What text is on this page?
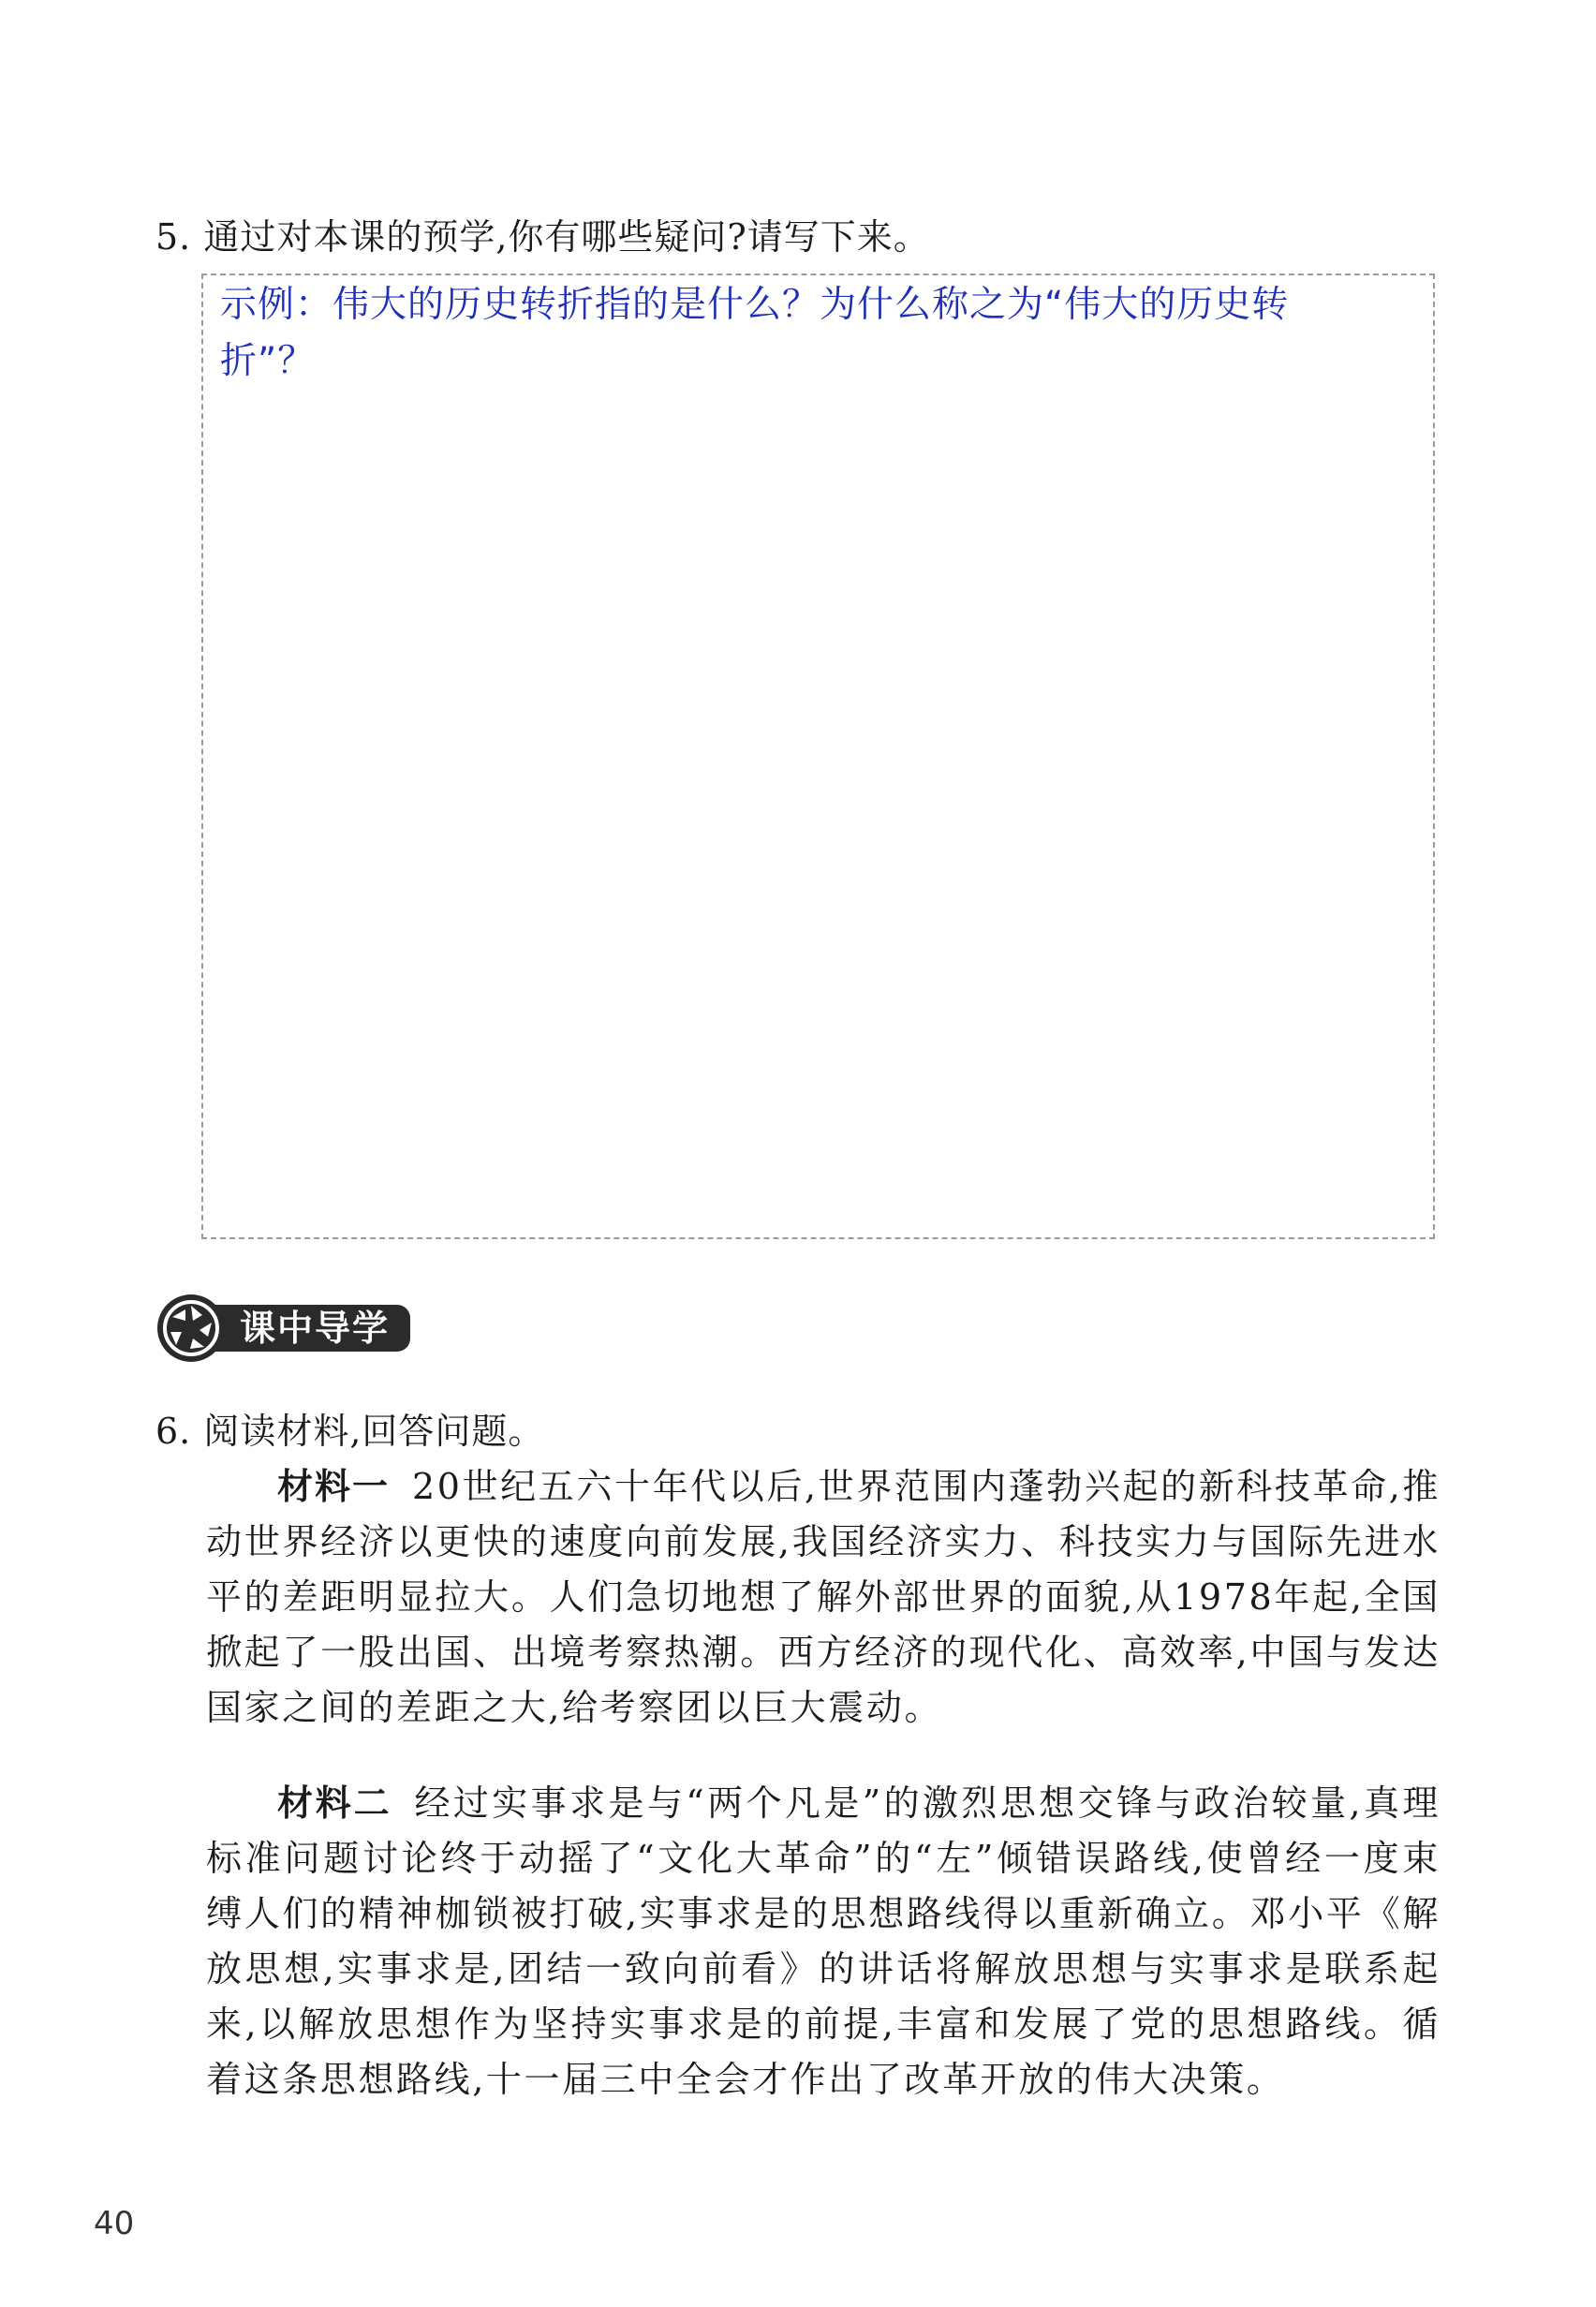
5. 通过对本课的预学,你有哪些疑问?请写下来。
示例：伟大的历史转折指的是什么？为什么称之为“伟大的历史转
折”？
课中导学
6. 阅读材料,回答问题。

材料一 20世纪五六十年代以后,世界范围内蓬勃兴起的新科技革命,推动世界经济以更快的速度向前发展,我国经济实力、科技实力与国际先进水平的差距明显拉大。人们急切地想了解外部世界的面貌,从1978年起,全国掀起了一股出国、出境考察热潮。西方经济的现代化、高效率,中国与发达国家之间的差距之大,给考察团以巨大震动。

材料二 经过实事求是与“两个凡是”的激烈思想交锋与政治较量,真理标准问题讨论终于动摇了“文化大革命”的“左”倾错误路线,使曾经一度束缚人们的精神枷锁被打破,实事求是的思想路线得以重新确立。邓小平《解放思想,实事求是,团结一致向前看》的讲话将解放思想与实事求是联系起来,以解放思想作为坚持实事求是的前提,丰富和发展了党的思想路线。循着这条思想路线,十一届三中全会才作出了改革开放的伟大决策。

40
